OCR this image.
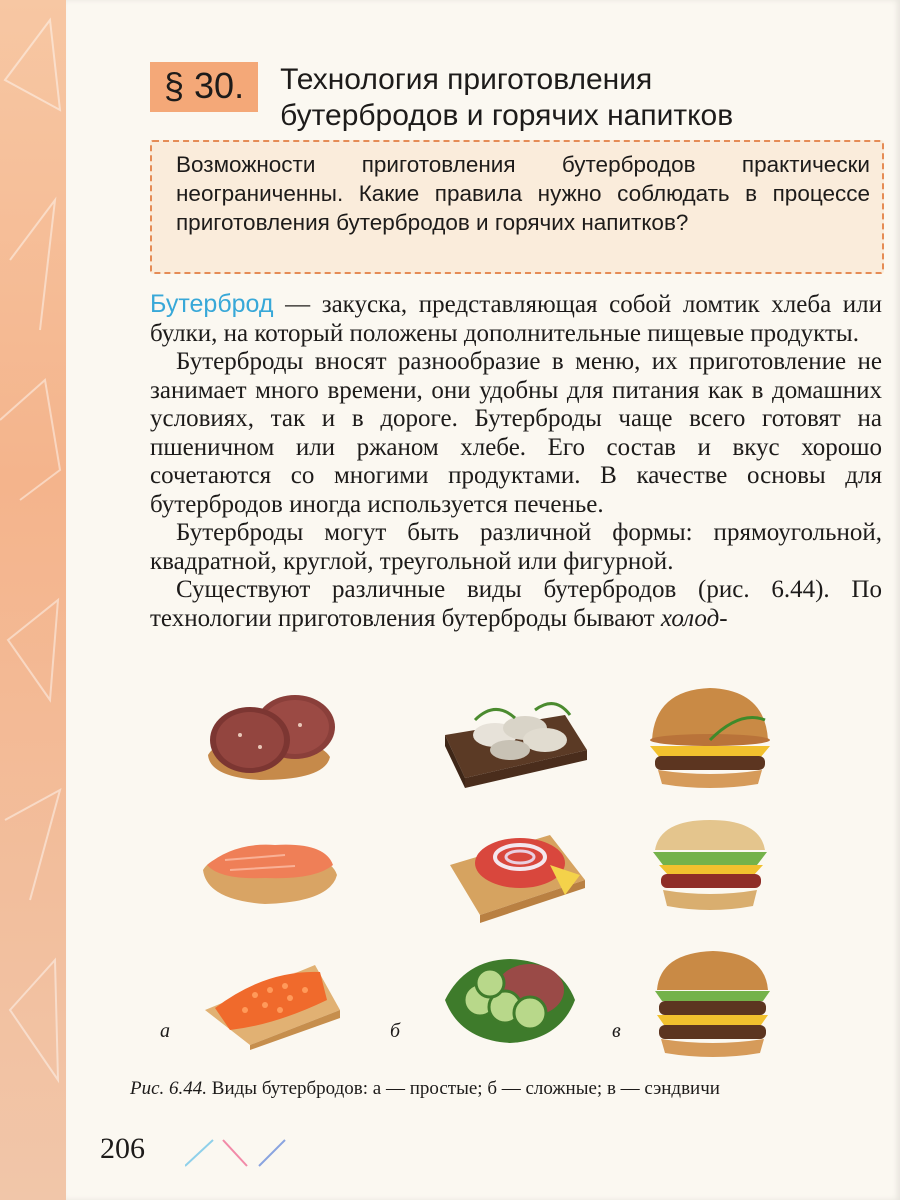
§ 30.	Технология приготовления
бутербродов и горячих напитков
Возможности приготовления бутербродов практически неограниченны. Какие правила нужно соблюдать в процессе приготовления бутербродов и горячих напитков?

Бутерброд — закуска, представляющая собой ломтик хлеба или булки, на который положены дополнительные пищевые продукты.

Бутерброды вносят разнообразие в меню, их приготовление не занимает много времени, они удобны для питания как в домашних условиях, так и в дороге. Бутерброды чаще всего готовят на пшеничном или ржаном хлебе. Его состав и вкус хорошо сочетаются со многими продуктами. В качестве основы для бутербродов иногда используется печенье.

Бутерброды могут быть различной формы: прямоугольной, квадратной, круглой, треугольной или фигурной.

Существуют различные виды бутербродов (рис. 6.44). По технологии приготовления бутерброды бывают холод-

а	б	в
Рис. 6.44. Виды бутербродов: а — простые; б — сложные; в — сэндвичи
206
